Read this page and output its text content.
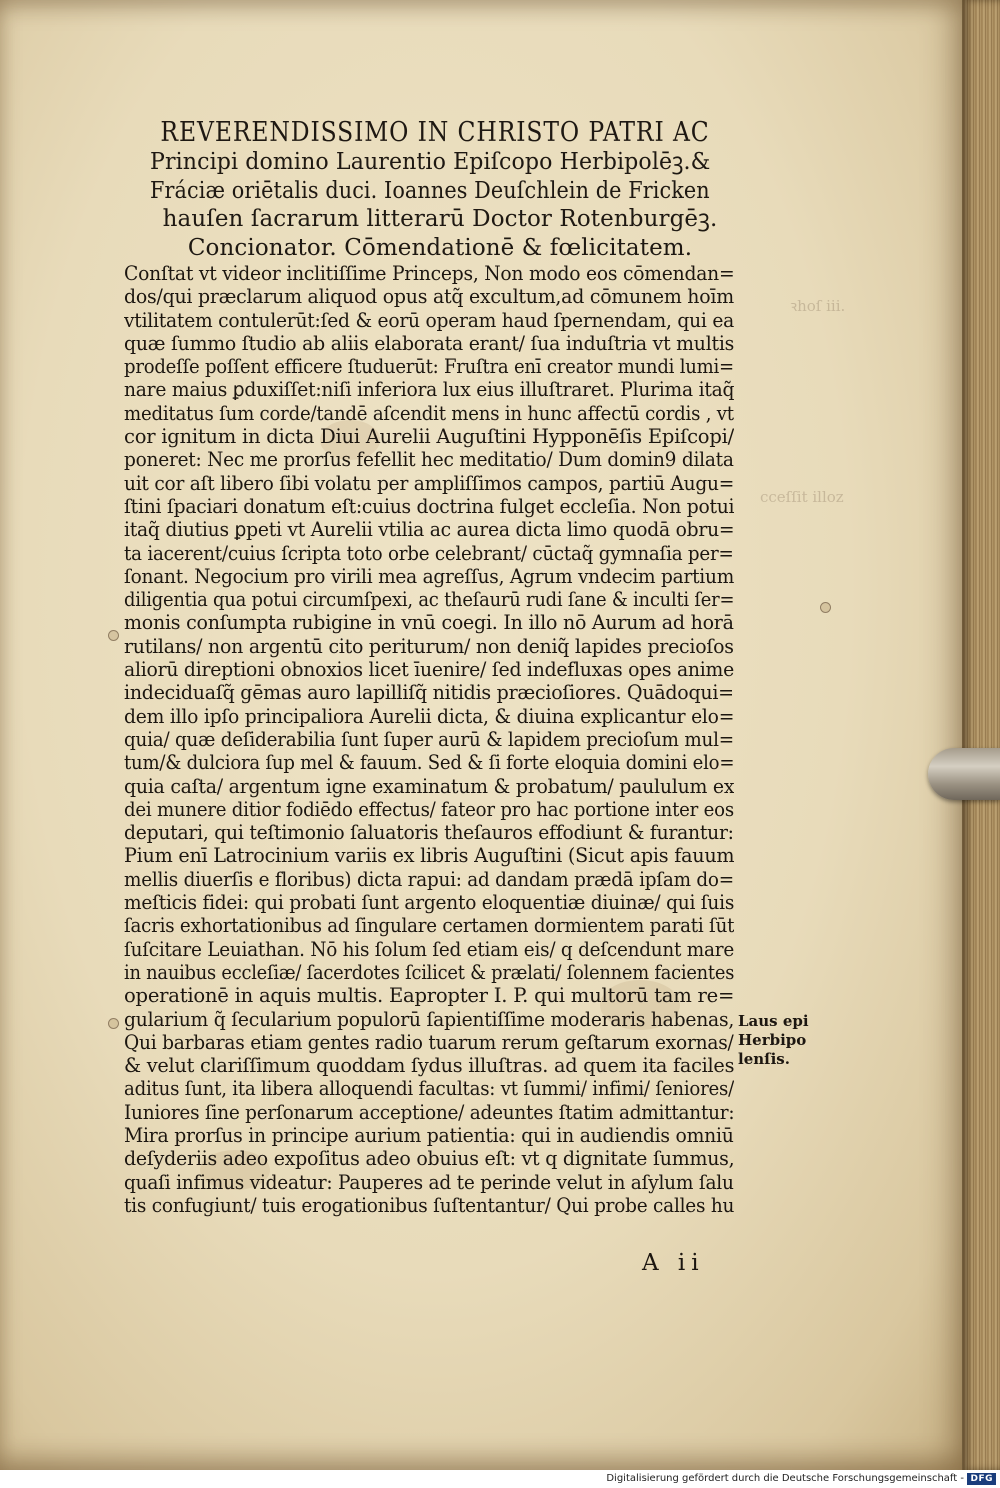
ꝛhoſ iii.
cceſſit illoz
REVERENDISSIMO IN CHRISTO PATRI AC
Principi domino Laurentio Epiſcopo Herbipolēꝫ.&
Fráciæ oriētalis duci. Ioannes Deuſchlein de Fricken
hauſen ſacrarum litterarū Doctor Rotenburgēꝫ.
Concionator. Cōmendationē & fœlicitatem.
Conſtat vt videor inclitiſſime Princeps, Non modo eos cōmendan=
dos/qui præclarum aliquod opus atq̃ excultum,ad cōmunem hoīm
vtilitatem contulerūt:ſed & eorū operam haud ſpernendam, qui ea
quæ ſummo ſtudio ab aliis elaborata erant/ ſua induſtria vt multis
prodeſſe poſſent efficere ſtuduerūt: Fruſtra enī creator mundi lumi=
nare maius ꝑduxiſſet:niſi inferiora lux eius illuſtraret. Plurima itaq̃
meditatus ſum corde/tandē aſcendit mens in hunc affectū cordis , vt
cor ignitum in dicta Diui Aurelii Auguſtini Hypponēſis Epiſcopi/
poneret: Nec me prorſus fefellit hec meditatio/ Dum domin9 dilata
uit cor aſt libero ſibi volatu per ampliſſimos campos, partiū Augu=
ſtini ſpaciari donatum eſt:cuius doctrina fulget eccleſia. Non potui
itaq̃ diutius ꝑpeti vt Aurelii vtilia ac aurea dicta limo quodā obru=
ta iacerent/cuius ſcripta toto orbe celebrant/ cūctaq̃ gymnaſia per=
ſonant. Negocium pro virili mea agreſſus, Agrum vndecim partium
diligentia qua potui circumſpexi, ac theſaurū rudi ſane & inculti ſer=
monis conſumpta rubigine in vnū coegi. In illo nō Aurum ad horā
rutilans/ non argentū cito periturum/ non deniq̃ lapides precioſos
aliorū direptioni obnoxios licet īuenire/ ſed indefluxas opes anime
indeciduaſq̃ gēmas auro lapilliſq̃ nitidis præcioſiores. Quādoqui=
dem illo ipſo principaliora Aurelii dicta, & diuina explicantur elo=
quia/ quæ deſiderabilia ſunt ſuper aurū & lapidem precioſum mul=
tum/& dulciora ſup mel & fauum. Sed & ſi forte eloquia domini elo=
quia caſta/ argentum igne examinatum & probatum/ paululum ex
dei munere ditior fodiēdo effectus/ fateor pro hac portione inter eos
deputari, qui teſtimonio ſaluatoris theſauros effodiunt & furantur:
Pium enī Latrocinium variis ex libris Auguſtini (Sicut apis fauum
mellis diuerſis e floribus) dicta rapui: ad dandam prædā ipſam do=
meſticis fidei: qui probati ſunt argento eloquentiæ diuinæ/ qui ſuis
ſacris exhortationibus ad ſingulare certamen dormientem parati ſūt
ſuſcitare Leuiathan. Nō his ſolum ſed etiam eis/ q deſcendunt mare
in nauibus eccleſiæ/ ſacerdotes ſcilicet & prælati/ ſolennem facientes
operationē in aquis multis. Eapropter I. P. qui multorū tam re=
gularium q̃ ſecularium populorū ſapientiſſime moderaris habenas,
Qui barbaras etiam gentes radio tuarum rerum geſtarum exornas/
& velut clariſſimum quoddam ſydus illuſtras. ad quem ita faciles
aditus ſunt, ita libera alloquendi facultas: vt ſummi/ infimi/ ſeniores/
Iuniores ſine perſonarum acceptione/ adeuntes ſtatim admittantur:
Mira prorſus in principe aurium patientia: qui in audiendis omniū
deſyderiis adeo expoſitus adeo obuius eſt: vt q dignitate ſummus,
quaſi infimus videatur: Pauperes ad te perinde velut in aſylum ſalu
tis confugiunt/ tuis erogationibus ſuſtentantur/ Qui probe calles hu
Laus epi
Herbipo
lenſis.
A ii
Digitalisierung gefördert durch die Deutsche Forschungsgemeinschaft - DFG
